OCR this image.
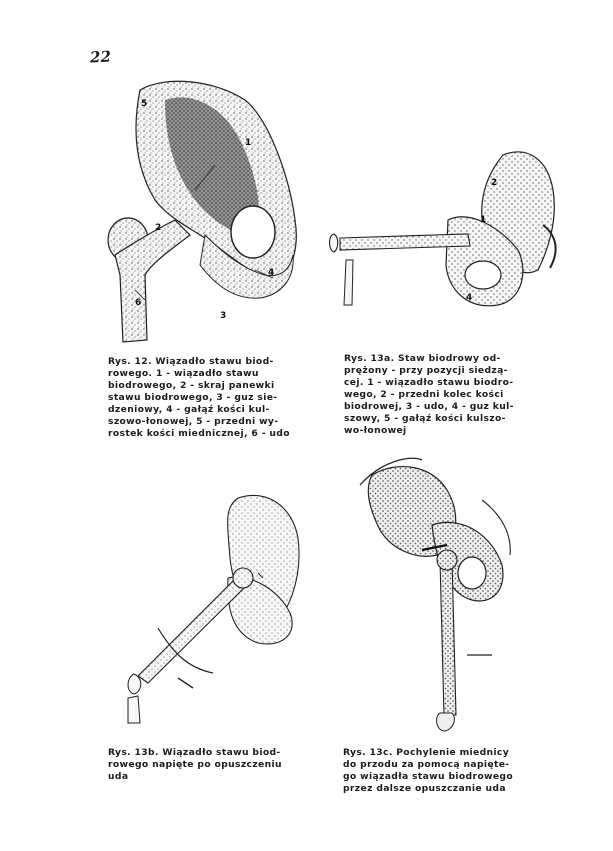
22
5
1
4
3
6
2
Rys. 12. Wiązadło stawu biod-
rowego. 1 - wiązadło stawu
biodrowego, 2 - skraj panewki
stawu biodrowego, 3 - guz sie-
dzeniowy, 4 - gałąź kości kul-
szowo-łonowej, 5 - przedni wy-
rostek kości miednicznej, 6 - udo
1
2
4
Rys. 13a. Staw biodrowy od-
prężony - przy pozycji siedzą-
cej. 1 - wiązadło stawu biodro-
wego, 2 - przedni kolec kości
biodrowej, 3 - udo, 4 - guz kul-
szowy, 5 - gałąź kości kulszo-
wo-łonowej
Rys. 13b. Wiązadło stawu biod-
rowego napięte po opuszczeniu
uda
Rys. 13c. Pochylenie miednicy
do przodu za pomocą napięte-
go wiązadła stawu biodrowego
przez dalsze opuszczanie uda
